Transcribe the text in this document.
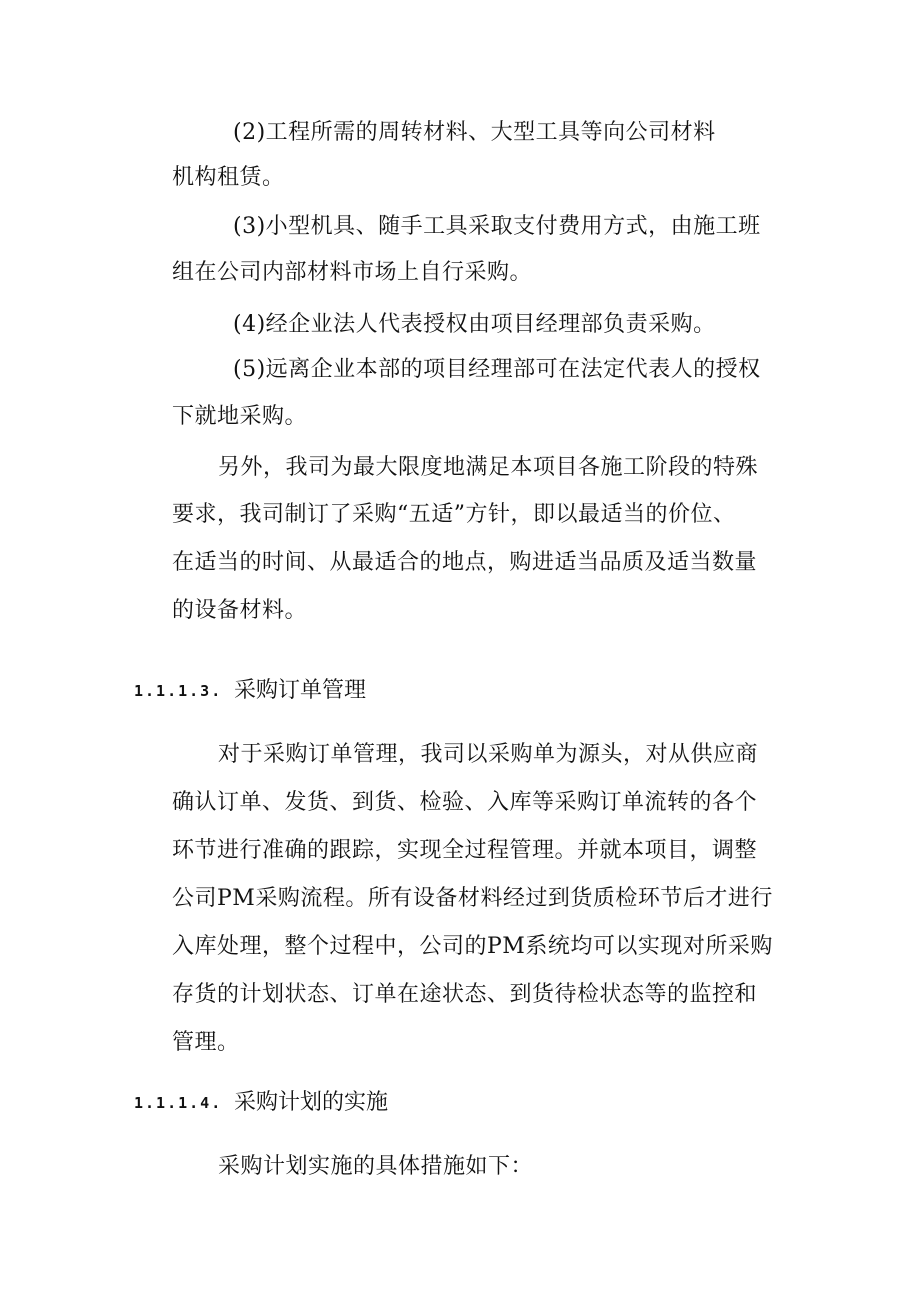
(2)工程所需的周转材料、大型工具等向公司材料
机构租赁。
(3)小型机具、随手工具采取支付费用方式，由施工班
组在公司内部材料市场上自行采购。
(4)经企业法人代表授权由项目经理部负责采购。
(5)远离企业本部的项目经理部可在法定代表人的授权
下就地采购。
另外，我司为最大限度地满足本项目各施工阶段的特殊
要求，我司制订了采购“五适”方针，即以最适当的价位、
在适当的时间、从最适合的地点，购进适当品质及适当数量
的设备材料。
1.1.1.3. 采购订单管理
对于采购订单管理，我司以采购单为源头，对从供应商
确认订单、发货、到货、检验、入库等采购订单流转的各个
环节进行准确的跟踪，实现全过程管理。并就本项目，调整
公司PM采购流程。所有设备材料经过到货质检环节后才进行
入库处理，整个过程中，公司的PM系统均可以实现对所采购
存货的计划状态、订单在途状态、到货待检状态等的监控和
管理。
1.1.1.4. 采购计划的实施
采购计划实施的具体措施如下：
